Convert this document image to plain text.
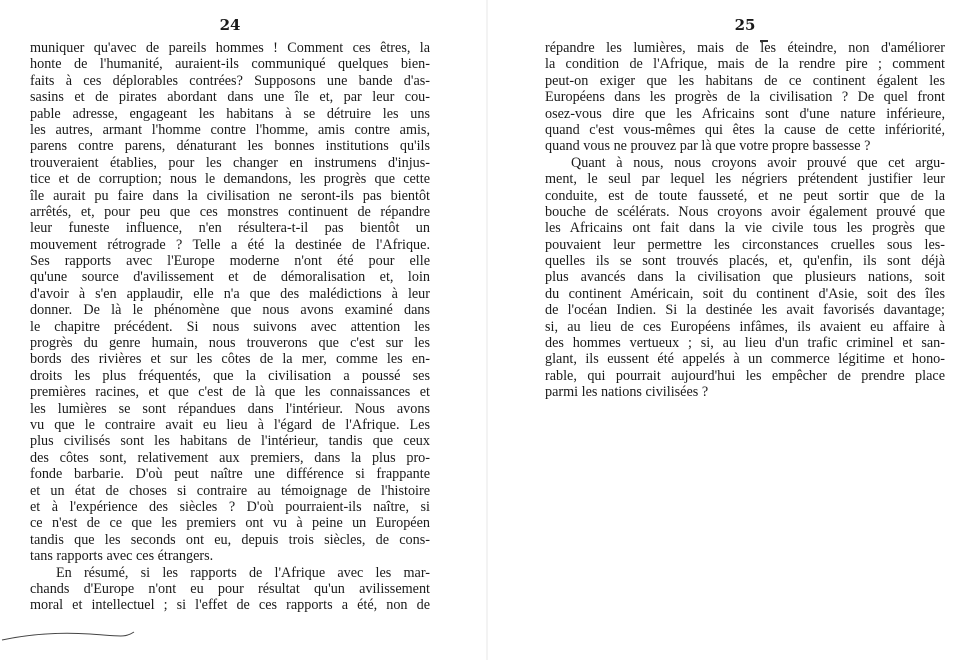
24
muniquer qu'avec de pareils hommes ! Comment ces êtres, la
honte de l'humanité, auraient-ils communiqué quelques bien-
faits à ces déplorables contrées? Supposons une bande d'as-
sasins et de pirates abordant dans une île et, par leur cou-
pable adresse, engageant les habitans à se détruire les uns
les autres, armant l'homme contre l'homme, amis contre amis,
parens contre parens, dénaturant les bonnes institutions qu'ils
trouveraient établies, pour les changer en instrumens d'injus-
tice et de corruption; nous le demandons, les progrès que cette
île aurait pu faire dans la civilisation ne seront-ils pas bientôt
arrêtés, et, pour peu que ces monstres continuent de répandre
leur funeste influence, n'en résultera-t-il pas bientôt un
mouvement rétrograde ? Telle a été la destinée de l'Afrique.
Ses rapports avec l'Europe moderne n'ont été pour elle
qu'une source d'avilissement et de démoralisation et, loin
d'avoir à s'en applaudir, elle n'a que des malédictions à leur
donner. De là le phénomène que nous avons examiné dans
le chapitre précédent. Si nous suivons avec attention les
progrès du genre humain, nous trouverons que c'est sur les
bords des rivières et sur les côtes de la mer, comme les en-
droits les plus fréquentés, que la civilisation a poussé ses
premières racines, et que c'est de là que les connaissances et
les lumières se sont répandues dans l'intérieur. Nous avons
vu que le contraire avait eu lieu à l'égard de l'Afrique. Les
plus civilisés sont les habitans de l'intérieur, tandis que ceux
des côtes sont, relativement aux premiers, dans la plus pro-
fonde barbarie. D'où peut naître une différence si frappante
et un état de choses si contraire au témoignage de l'histoire
et à l'expérience des siècles ? D'où pourraient-ils naître, si
ce n'est de ce que les premiers ont vu à peine un Européen
tandis que les seconds ont eu, depuis trois siècles, de cons-
tans rapports avec ces étrangers.
En résumé, si les rapports de l'Afrique avec les mar-
chands d'Europe n'ont eu pour résultat qu'un avilissement
moral et intellectuel ; si l'effet de ces rapports a été, non de
25
répandre les lumières, mais de les éteindre, non d'améliorer
la condition de l'Afrique, mais de la rendre pire ; comment
peut-on exiger que les habitans de ce continent égalent les
Européens dans les progrès de la civilisation ? De quel front
osez-vous dire que les Africains sont d'une nature inférieure,
quand c'est vous-mêmes qui êtes la cause de cette infériorité,
quand vous ne prouvez par là que votre propre bassesse ?
Quant à nous, nous croyons avoir prouvé que cet argu-
ment, le seul par lequel les négriers prétendent justifier leur
conduite, est de toute fausseté, et ne peut sortir que de la
bouche de scélérats. Nous croyons avoir également prouvé que
les Africains ont fait dans la vie civile tous les progrès que
pouvaient leur permettre les circonstances cruelles sous les-
quelles ils se sont trouvés placés, et, qu'enfin, ils sont déjà
plus avancés dans la civilisation que plusieurs nations, soit
du continent Américain, soit du continent d'Asie, soit des îles
de l'océan Indien. Si la destinée les avait favorisés davantage;
si, au lieu de ces Européens infâmes, ils avaient eu affaire à
des hommes vertueux ; si, au lieu d'un trafic criminel et san-
glant, ils eussent été appelés à un commerce légitime et hono-
rable, qui pourrait aujourd'hui les empêcher de prendre place
parmi les nations civilisées ?
